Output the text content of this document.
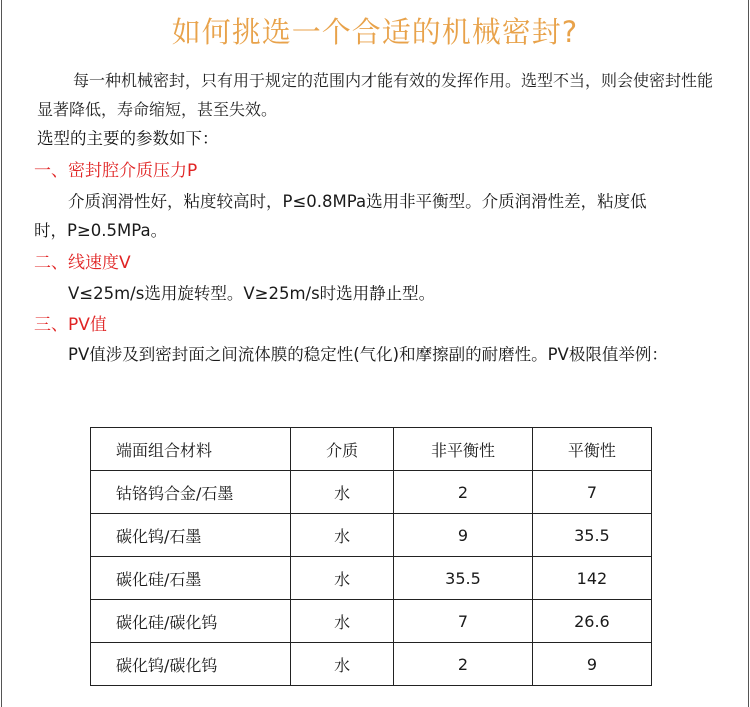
如何挑选一个合适的机械密封?

每一种机械密封，只有用于规定的范围内才能有效的发挥作用。选型不当，则会使密封性能显著降低，寿命缩短，甚至失效。

选型的主要的参数如下：
一、密封腔介质压力P
介质润滑性好，粘度较高时，P≤0.8MPa选用非平衡型。介质润滑性差，粘度低时，P≥0.5MPa。
二、线速度V
V≤25m/s选用旋转型。V≥25m/s时选用静止型。
三、PV值
PV值涉及到密封面之间流体膜的稳定性(气化)和摩擦副的耐磨性。PV极限值举例：
端面组合材料	介质	非平衡性	平衡性
钴铬钨合金/石墨	水	2	7
碳化钨/石墨	水	9	35.5
碳化硅/石墨	水	35.5	142
碳化硅/碳化钨	水	7	26.6
碳化钨/碳化钨	水	2	9
